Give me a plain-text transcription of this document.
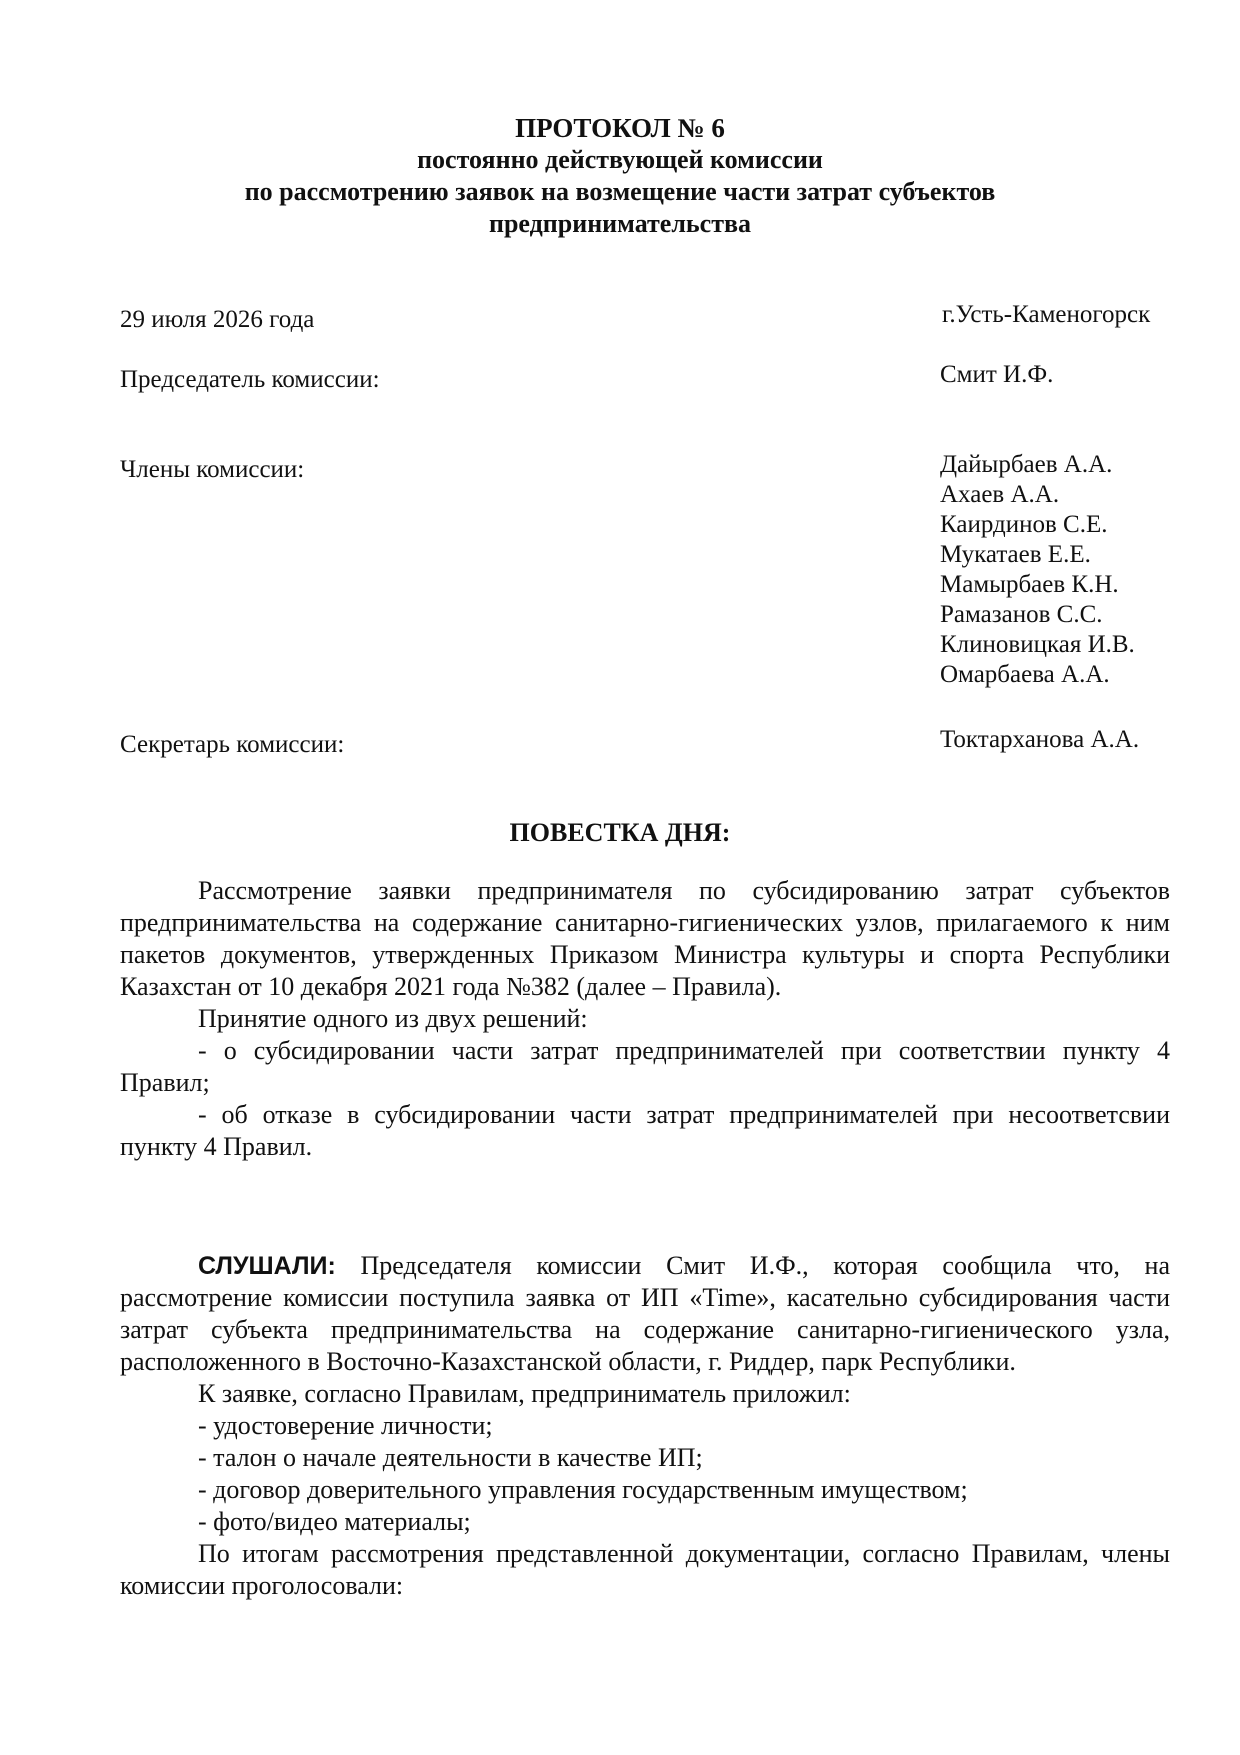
ПРОТОКОЛ № 6
постоянно действующей комиссии
по рассмотрению заявок на возмещение части затрат субъектов
предпринимательства
29 июля 2026 года	г.Усть-Каменогорск
Председатель комиссии:	Смит И.Ф.
Члены комиссии:	Дайырбаев А.А.
Ахаев А.А.
Каирдинов С.Е.
Мукатаев Е.Е.
Мамырбаев К.Н.
Рамазанов С.С.
Клиновицкая И.В.
Омарбаева А.А.
Секретарь комиссии:	Токтарханова А.А.
ПОВЕСТКА ДНЯ:

Рассмотрение заявки предпринимателя по субсидированию затрат субъектов предпринимательства на содержание санитарно-гигиенических узлов, прилагаемого к ним пакетов документов, утвержденных Приказом Министра культуры и спорта Республики Казахстан от 10 декабря 2021 года №382 (далее – Правила).

Принятие одного из двух решений:

- о субсидировании части затрат предпринимателей при соответствии пункту 4 Правил;

- об отказе в субсидировании части затрат предпринимателей при несоответсвии пункту 4 Правил.

СЛУШАЛИ: Председателя комиссии Смит И.Ф., которая сообщила что, на рассмотрение комиссии поступила заявка от ИП «Time», касательно субсидирования части затрат субъекта предпринимательства на содержание санитарно-гигиенического узла, расположенного в Восточно-Казахстанской области, г. Риддер, парк Республики.

К заявке, согласно Правилам, предприниматель приложил:

- удостоверение личности;

- талон о начале деятельности в качестве ИП;

- договор доверительного управления государственным имуществом;

- фото/видео материалы;

По итогам рассмотрения представленной документации, согласно Правилам, члены комиссии проголосовали:
